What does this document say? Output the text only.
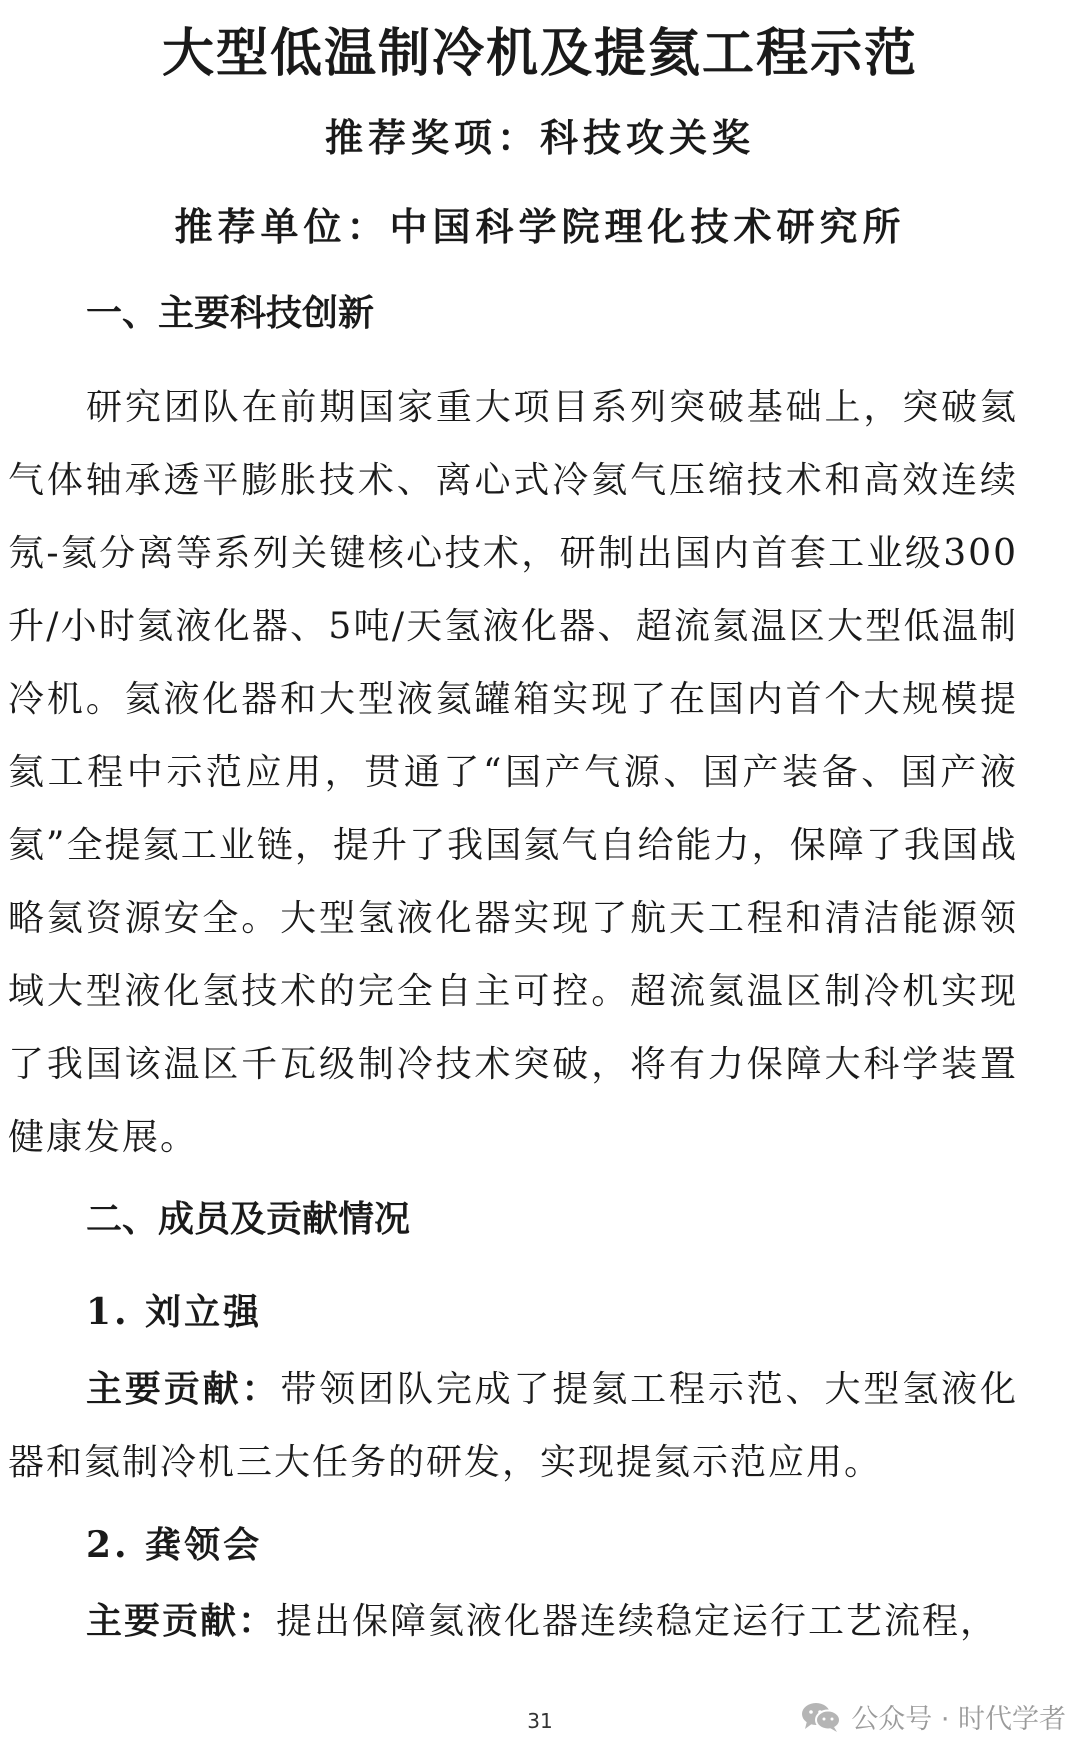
大型低温制冷机及提氦工程示范
推荐奖项：科技攻关奖
推荐单位：中国科学院理化技术研究所
一、主要科技创新

研究团队在前期国家重大项目系列突破基础上，突破氦气体轴承透平膨胀技术、离心式冷氦气压缩技术和高效连续氖-氦分离等系列关键核心技术，研制出国内首套工业级300升/小时氦液化器、5吨/天氢液化器、超流氦温区大型低温制冷机。氦液化器和大型液氦罐箱实现了在国内首个大规模提氦工程中示范应用，贯通了“国产气源、国产装备、国产液氦”全提氦工业链，提升了我国氦气自给能力，保障了我国战略氦资源安全。大型氢液化器实现了航天工程和清洁能源领域大型液化氢技术的完全自主可控。超流氦温区制冷机实现了我国该温区千瓦级制冷技术突破，将有力保障大科学装置健康发展。

二、成员及贡献情况
1. 刘立强

主要贡献：带领团队完成了提氦工程示范、大型氢液化器和氦制冷机三大任务的研发，实现提氦示范应用。

2. 龚领会

主要贡献：提出保障氦液化器连续稳定运行工艺流程，

31	公众号 · 时代学者
